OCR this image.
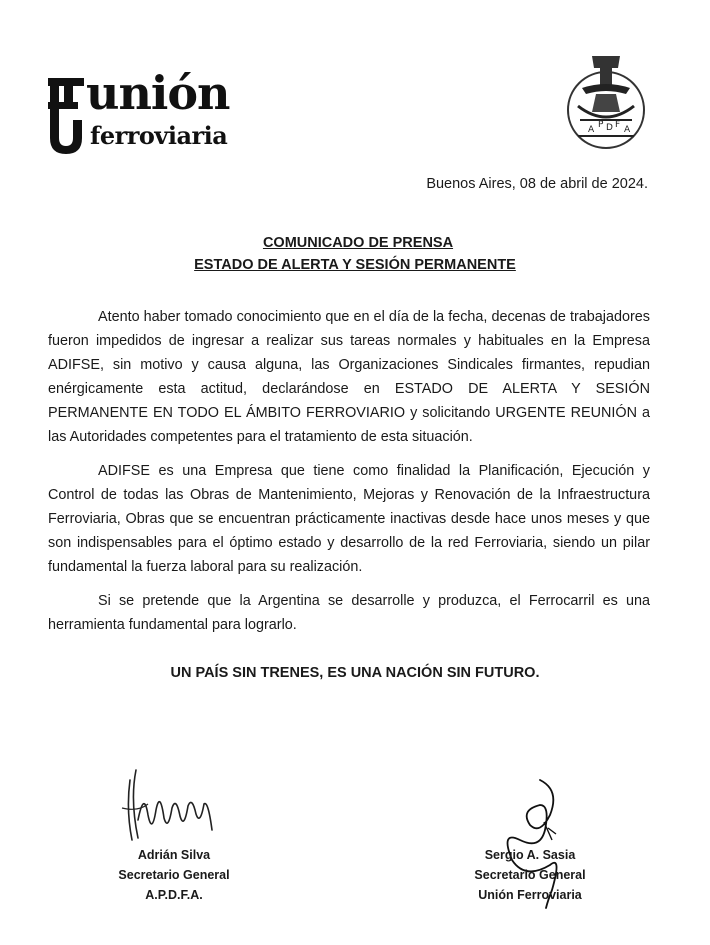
unión
ferroviaria	A P D F A
Buenos Aires, 08 de abril de 2024.
COMUNICADO DE PRENSA
ESTADO DE ALERTA Y SESIÓN PERMANENTE

Atento haber tomado conocimiento que en el día de la fecha, decenas de trabajadores fueron impedidos de ingresar a realizar sus tareas normales y habituales en la Empresa ADIFSE, sin motivo y causa alguna, las Organizaciones Sindicales firmantes, repudian enérgicamente esta actitud, declarándose en ESTADO DE ALERTA Y SESIÓN PERMANENTE EN TODO EL ÁMBITO FERROVIARIO y solicitando URGENTE REUNIÓN a las Autoridades competentes para el tratamiento de esta situación.

ADIFSE es una Empresa que tiene como finalidad la Planificación, Ejecución y Control de todas las Obras de Mantenimiento, Mejoras y Renovación de la Infraestructura Ferroviaria, Obras que se encuentran prácticamente inactivas desde hace unos meses y que son indispensables para el óptimo estado y desarrollo de la red Ferroviaria, siendo un pilar fundamental la fuerza laboral para su realización.

Si se pretende que la Argentina se desarrolle y produzca, el Ferrocarril es una herramienta fundamental para lograrlo.

UN PAÍS SIN TRENES, ES UNA NACIÓN SIN FUTURO.
Adrián Silva
Secretario General
A.P.D.F.A.
Sergio A. Sasia
Secretario General
Unión Ferroviaria
